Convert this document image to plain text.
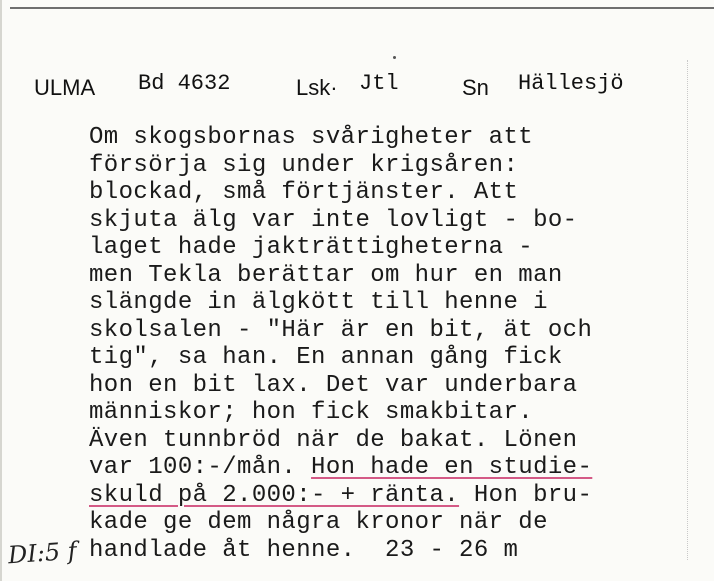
ULMA Bd 4632	Lsk· Jtl	Sn Hällesjö
Om skogsbornas svårigheter att
försörja sig under krigsåren:
blockad, små förtjänster. Att
skjuta älg var inte lovligt - bo-
laget hade jakträttigheterna -
men Tekla berättar om hur en man
slängde in älgkött till henne i
skolsalen - "Här är en bit, ät och
tig", sa han. En annan gång fick
hon en bit lax. Det var underbara
människor; hon fick smakbitar.
Även tunnbröd när de bakat. Lönen
var 100:-/mån. Hon hade en studie-
skuld på 2.000:- + ränta. Hon bru-
kade ge dem några kronor när de
handlade åt henne.  23 - 26 m
DI:5 f
